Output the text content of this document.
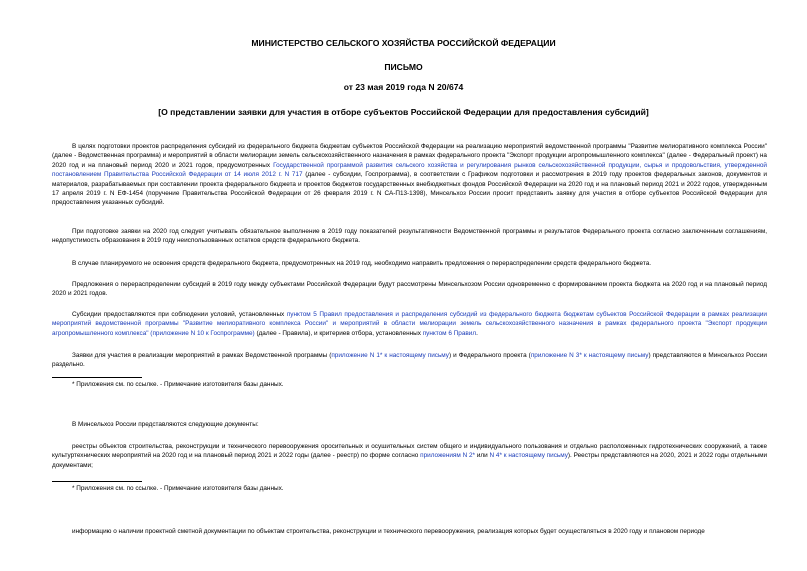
МИНИСТЕРСТВО СЕЛЬСКОГО ХОЗЯЙСТВА РОССИЙСКОЙ ФЕДЕРАЦИИ
ПИСЬМО
от 23 мая 2019 года N 20/674
[О представлении заявки для участия в отборе субъектов Российской Федерации для предоставления субсидий]

В целях подготовки проектов распределения субсидий из федерального бюджета бюджетам субъектов Российской Федерации на реализацию мероприятий ведомственной программы "Развитие мелиоративного комплекса России" (далее - Ведомственная программа) и мероприятий в области мелиорации земель сельскохозяйственного назначения в рамках федерального проекта "Экспорт продукции агропромышленного комплекса" (далее - Федеральный проект) на 2020 год и на плановый период 2020 и 2021 годов, предусмотренных Государственной программой развития сельского хозяйства и регулирования рынков сельскохозяйственной продукции, сырья и продовольствия, утвержденной постановлением Правительства Российской Федерации от 14 июля 2012 г. N 717 (далее - субсидии, Госпрограмма), в соответствии с Графиком подготовки и рассмотрения в 2019 году проектов федеральных законов, документов и материалов, разрабатываемых при составлении проекта федерального бюджета и проектов бюджетов государственных внебюджетных фондов Российской Федерации на 2020 год и на плановый период 2021 и 2022 годов, утвержденным 17 апреля 2019 г. N ЕФ-1454 (поручение Правительства Российской Федерации от 26 февраля 2019 г. N СА-П13-1398), Минсельхоз России просит представить заявку для участия в отборе субъектов Российской Федерации для предоставления указанных субсидий.

При подготовке заявки на 2020 год следует учитывать обязательное выполнение в 2019 году показателей результативности Ведомственной программы и результатов Федерального проекта согласно заключенным соглашениям, недопустимость образования в 2019 году неиспользованных остатков средств федерального бюджета.

В случае планируемого не освоения средств федерального бюджета, предусмотренных на 2019 год, необходимо направить предложения о перераспределении средств федерального бюджета.

Предложения о перераспределении субсидий в 2019 году между субъектами Российской Федерации будут рассмотрены Минсельхозом России одновременно с формированием проекта бюджета на 2020 год и на плановый период 2020 и 2021 годов.

Субсидии предоставляются при соблюдении условий, установленных пунктом 5 Правил предоставления и распределения субсидий из федерального бюджета бюджетам субъектов Российской Федерации в рамках реализации мероприятий ведомственной программы "Развитие мелиоративного комплекса России" и мероприятий в области мелиорации земель сельскохозяйственного назначения в рамках федерального проекта "Экспорт продукции агропромышленного комплекса" (приложение N 10 к Госпрограмме) (далее - Правила), и критериев отбора, установленных пунктом 6 Правил.

Заявки для участия в реализации мероприятий в рамках Ведомственной программы (приложение N 1* к настоящему письму) и Федерального проекта (приложение N 3* к настоящему письму) представляются в Минсельхоз России раздельно.

* Приложения см. по ссылке. - Примечание изготовителя базы данных.

В Минсельхоз России представляются следующие документы:

реестры объектов строительства, реконструкции и технического перевооружения оросительных и осушительных систем общего и индивидуального пользования и отдельно расположенных гидротехнических сооружений, а также культуртехнических мероприятий на 2020 год и на плановый период 2021 и 2022 годы (далее - реестр) по форме согласно приложениям N 2* или N 4* к настоящему письму). Реестры представляются на 2020, 2021 и 2022 годы отдельными документами;

* Приложения см. по ссылке. - Примечание изготовителя базы данных.

информацию о наличии проектной сметной документации по объектам строительства, реконструкции и технического перевооружения, реализация которых будет осуществляться в 2020 году и плановом периоде
